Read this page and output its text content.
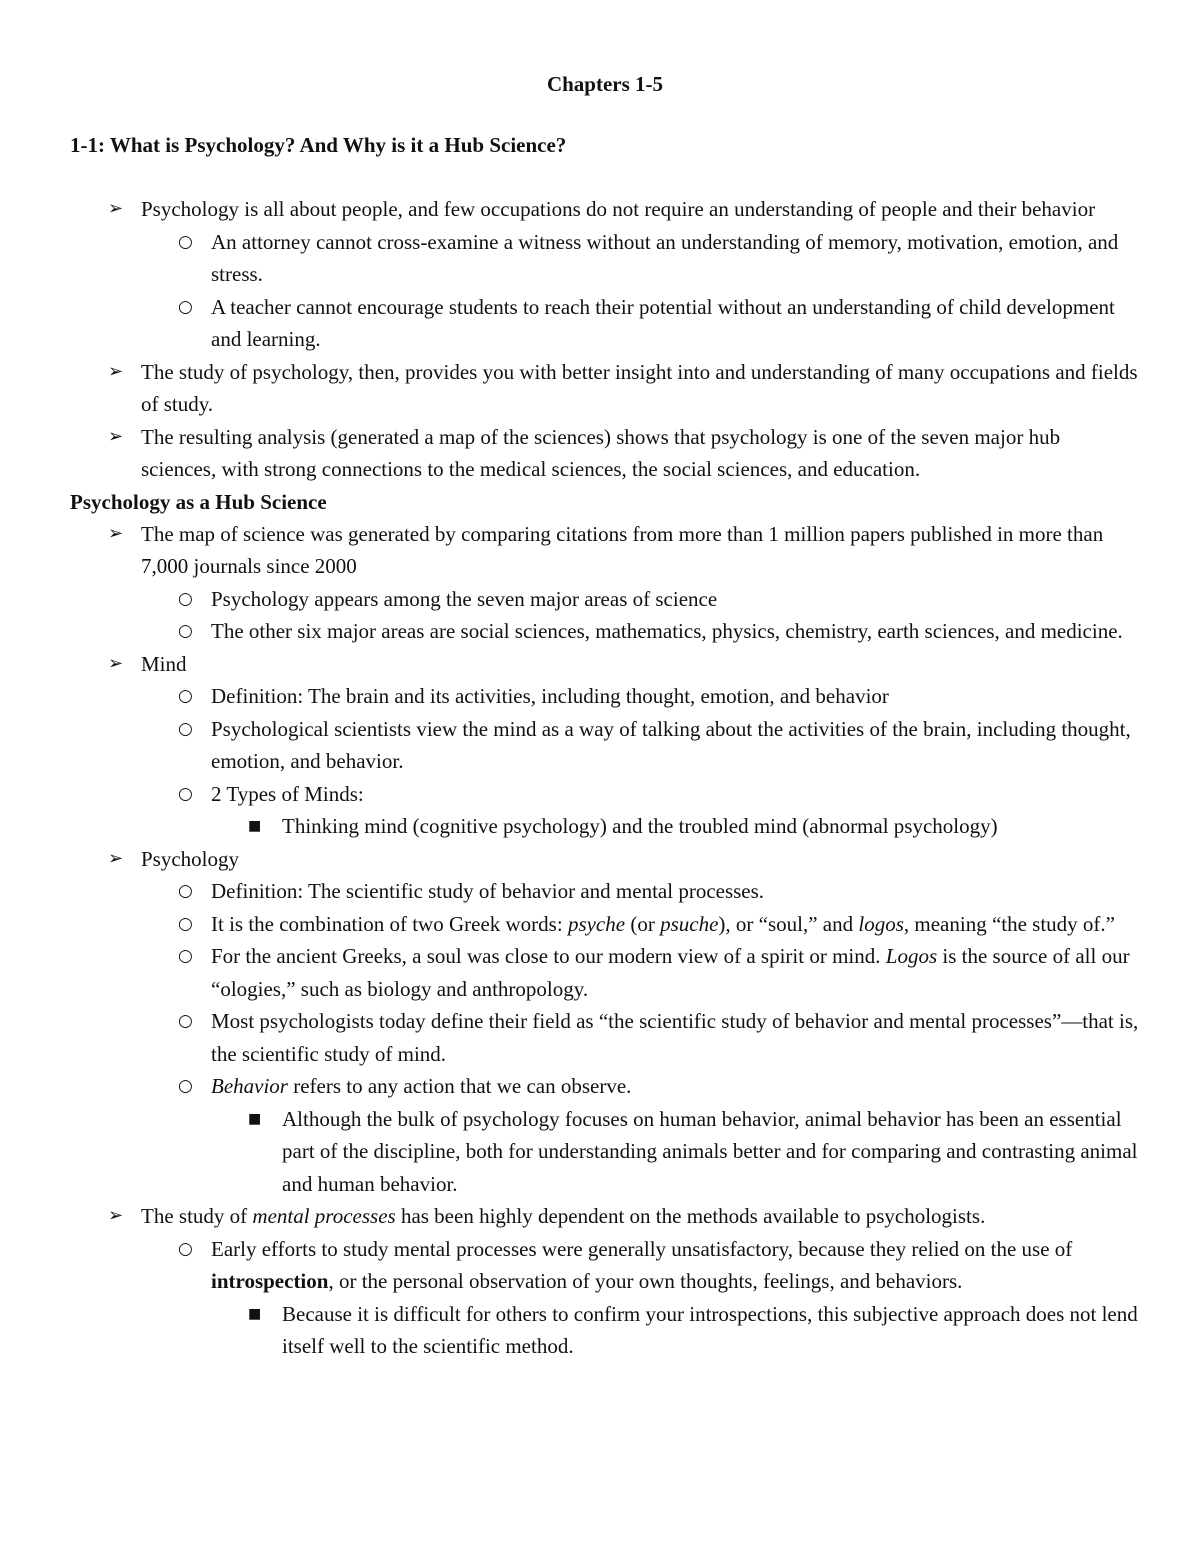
Chapters 1-5
1-1: What is Psychology? And Why is it a Hub Science?
➢ Psychology is all about people, and few occupations do not require an understanding of people and their behavior
○ An attorney cannot cross-examine a witness without an understanding of memory, motivation, emotion, and stress.
○ A teacher cannot encourage students to reach their potential without an understanding of child development and learning.
➢ The study of psychology, then, provides you with better insight into and understanding of many occupations and fields of study.
➢ The resulting analysis (generated a map of the sciences) shows that psychology is one of the seven major hub sciences, with strong connections to the medical sciences, the social sciences, and education.
Psychology as a Hub Science
➢ The map of science was generated by comparing citations from more than 1 million papers published in more than 7,000 journals since 2000
○ Psychology appears among the seven major areas of science
○ The other six major areas are social sciences, mathematics, physics, chemistry, earth sciences, and medicine.
➢ Mind
○ Definition: The brain and its activities, including thought, emotion, and behavior
○ Psychological scientists view the mind as a way of talking about the activities of the brain, including thought, emotion, and behavior.
○ 2 Types of Minds:
■ Thinking mind (cognitive psychology) and the troubled mind (abnormal psychology)
➢ Psychology
○ Definition: The scientific study of behavior and mental processes.
○ It is the combination of two Greek words: psyche (or psuche), or “soul,” and logos, meaning “the study of.”
○ For the ancient Greeks, a soul was close to our modern view of a spirit or mind. Logos is the source of all our “ologies,” such as biology and anthropology.
○ Most psychologists today define their field as “the scientific study of behavior and mental processes”—that is, the scientific study of mind.
○ Behavior refers to any action that we can observe.
■ Although the bulk of psychology focuses on human behavior, animal behavior has been an essential part of the discipline, both for understanding animals better and for comparing and contrasting animal and human behavior.
➢ The study of mental processes has been highly dependent on the methods available to psychologists.
○ Early efforts to study mental processes were generally unsatisfactory, because they relied on the use of introspection, or the personal observation of your own thoughts, feelings, and behaviors.
■ Because it is difficult for others to confirm your introspections, this subjective approach does not lend itself well to the scientific method.
